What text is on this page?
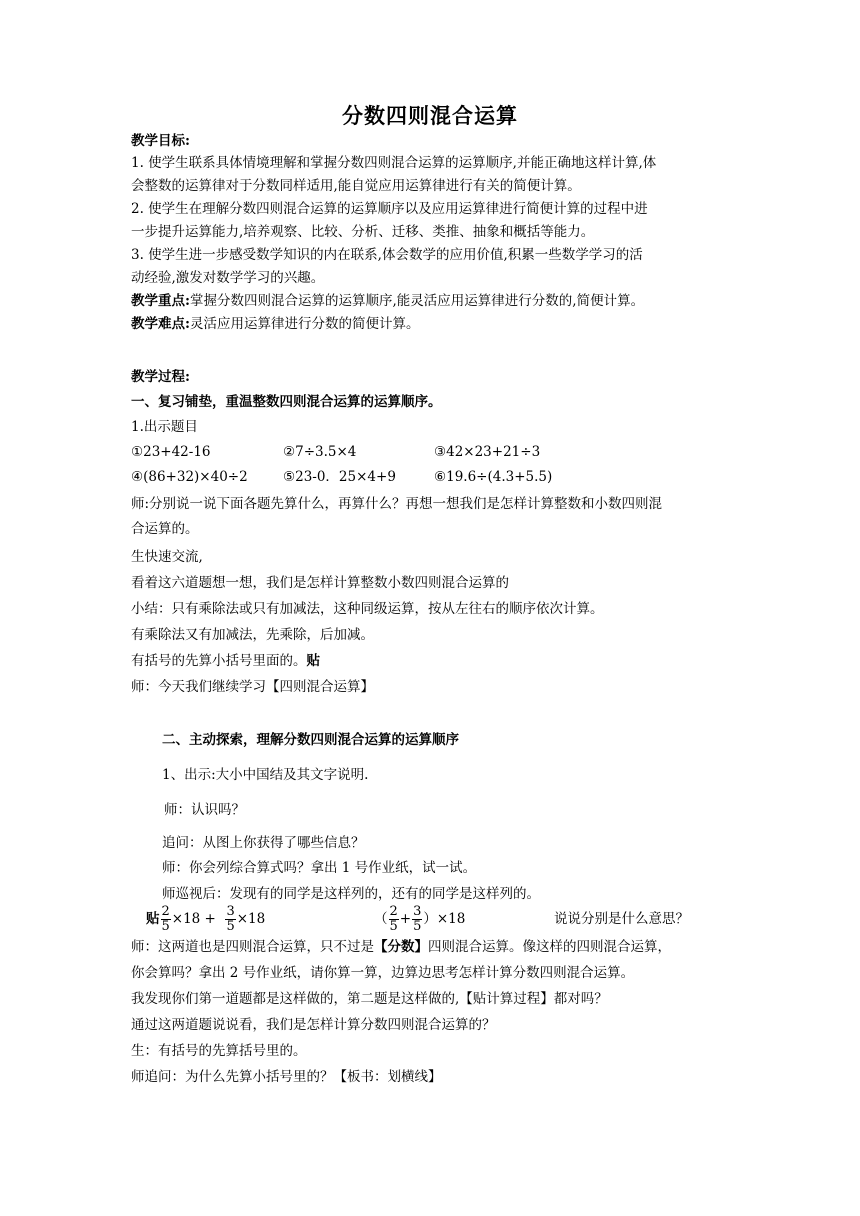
分数四则混合运算
教学目标:
1. 使学生联系具体情境理解和掌握分数四则混合运算的运算顺序,并能正确地这样计算,体
会整数的运算律对于分数同样适用,能自觉应用运算律进行有关的简便计算。
2. 使学生在理解分数四则混合运算的运算顺序以及应用运算律进行简便计算的过程中进
一步提升运算能力,培养观察、比较、分析、迁移、类推、抽象和概括等能力。
3. 使学生进一步感受数学知识的内在联系,体会数学的应用价值,积累一些数学学习的活
动经验,激发对数学学习的兴趣。
教学重点:掌握分数四则混合运算的运算顺序,能灵活应用运算律进行分数的,简便计算。
教学难点:灵活应用运算律进行分数的简便计算。
教学过程:
一、复习铺垫，重温整数四则混合运算的运算顺序。
1.出示题目
①23+42-16	②7÷3.5×4	③42×23+21÷3
④(86+32)×40÷2	⑤23-0．25×4+9	⑥19.6÷(4.3+5.5)
师:分别说一说下面各题先算什么，再算什么？再想一想我们是怎样计算整数和小数四则混
合运算的。
生快速交流,
看着这六道题想一想，我们是怎样计算整数小数四则混合运算的
小结：只有乘除法或只有加减法，这种同级运算，按从左往右的顺序依次计算。
有乘除法又有加减法，先乘除，后加减。
有括号的先算小括号里面的。贴
师：今天我们继续学习【四则混合运算】
二、主动探索，理解分数四则混合运算的运算顺序
1、出示:大小中国结及其文字说明.
师：认识吗？
追问：从图上你获得了哪些信息？
师：你会列综合算式吗？拿出 1 号作业纸，试一试。
师巡视后：发现有的同学是这样列的，还有的同学是这样列的。
贴 $\frac{2}{5} \times 18 + \frac{3}{5} \times 18$	（ $\frac{2}{5} + \frac{3}{5} )\times 18$	说说分别是什么意思？
师：这两道也是四则混合运算，只不过是【分数】四则混合运算。像这样的四则混合运算，
你会算吗？拿出 2 号作业纸，请你算一算，边算边思考怎样计算分数四则混合运算。
我发现你们第一道题都是这样做的，第二题是这样做的,【贴计算过程】都对吗？
通过这两道题说说看，我们是怎样计算分数四则混合运算的？
生：有括号的先算括号里的。
师追问：为什么先算小括号里的？【板书：划横线】
